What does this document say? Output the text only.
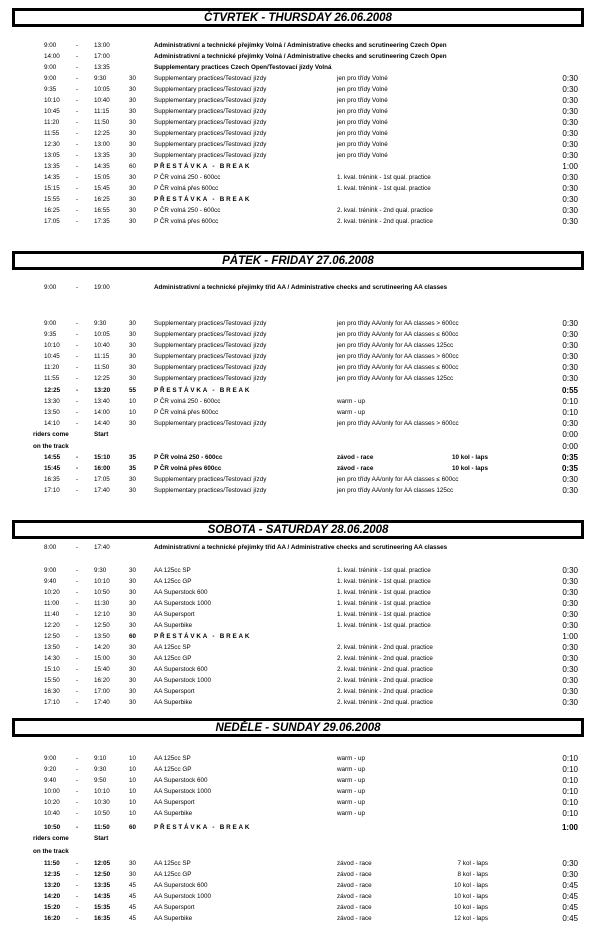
ČTVRTEK - THURSDAY 26.06.2008
9:00	-	13:00	Administrativní a technické přejímky Volná / Administrative checks and scrutineering Czech Open
14:00	-	17:00	Administrativní a technické přejímky Volná / Administrative checks and scrutineering Czech Open
9:00	-	13:35	Supplementary practices Czech Open/Testovací jízdy Volná
9:00	-	9:30	30	Supplementary practices/Testovací jízdy	jen pro třídy Volné	0:30
9:35	-	10:05	30	Supplementary practices/Testovací jízdy	jen pro třídy Volné	0:30
10:10	-	10:40	30	Supplementary practices/Testovací jízdy	jen pro třídy Volné	0:30
10:45	-	11:15	30	Supplementary practices/Testovací jízdy	jen pro třídy Volné	0:30
11:20	-	11:50	30	Supplementary practices/Testovací jízdy	jen pro třídy Volné	0:30
11:55	-	12:25	30	Supplementary practices/Testovací jízdy	jen pro třídy Volné	0:30
12:30	-	13:00	30	Supplementary practices/Testovací jízdy	jen pro třídy Volné	0:30
13:05	-	13:35	30	Supplementary practices/Testovací jízdy	jen pro třídy Volné	0:30
13:35	-	14:35	60	PŘESTÁVKA - BREAK	1:00
14:35	-	15:05	30	P ČR volná 250 - 600cc	1. kval. trénink - 1st qual. practice	0:30
15:15	-	15:45	30	P ČR volná přes 600cc	1. kval. trénink - 1st qual. practice	0:30
15:55	-	16:25	30	PŘESTÁVKA - BREAK	0:30
16:25	-	16:55	30	P ČR volná 250 - 600cc	2. kval. trénink - 2nd qual. practice	0:30
17:05	-	17:35	30	P ČR volná přes 600cc	2. kval. trénink - 2nd qual. practice	0:30
PÁTEK - FRIDAY 27.06.2008
9:00	-	19:00	Administrativní a technické přejímky tříd AA / Administrative checks and scrutineering AA classes
9:00	-	9:30	30	Supplementary practices/Testovací jízdy	jen pro třídy AA/only for AA classes > 600cc	0:30
9:35	-	10:05	30	Supplementary practices/Testovací jízdy	jen pro třídy AA/only for AA classes ≤ 600cc	0:30
10:10	-	10:40	30	Supplementary practices/Testovací jízdy	jen pro třídy AA/only for AA classes 125cc	0:30
10:45	-	11:15	30	Supplementary practices/Testovací jízdy	jen pro třídy AA/only for AA classes > 600cc	0:30
11:20	-	11:50	30	Supplementary practices/Testovací jízdy	jen pro třídy AA/only for AA classes ≤ 600cc	0:30
11:55	-	12:25	30	Supplementary practices/Testovací jízdy	jen pro třídy AA/only for AA classes 125cc	0:30
12:25	-	13:20	55	PŘESTÁVKA - BREAK	0:55
13:30	-	13:40	10	P ČR volná 250 - 600cc	warm - up	0:10
13:50	-	14:00	10	P ČR volná přes 600cc	warm - up	0:10
14:10	-	14:40	30	Supplementary practices/Testovací jízdy	jen pro třídy AA/only for AA classes > 600cc	0:30
riders come	Start	0:00
on the track	0:00
14:55	-	15:10	35	P ČR volná 250 - 600cc	závod - race	10 kol - laps	0:35
15:45	-	16:00	35	P ČR volná přes 600cc	závod - race	10 kol - laps	0:35
16:35	-	17:05	30	Supplementary practices/Testovací jízdy	jen pro třídy AA/only for AA classes ≤ 600cc	0:30
17:10	-	17:40	30	Supplementary practices/Testovací jízdy	jen pro třídy AA/only for AA classes 125cc	0:30
SOBOTA - SATURDAY 28.06.2008
8:00	-	17:40	Administrativní a technické přejímky tříd AA / Administrative checks and scrutineering AA classes
9:00	-	9:30	30	AA 125cc SP	1. kval. trénink - 1st qual. practice	0:30
9:40	-	10:10	30	AA 125cc GP	1. kval. trénink - 1st qual. practice	0:30
10:20	-	10:50	30	AA Superstock 600	1. kval. trénink - 1st qual. practice	0:30
11:00	-	11:30	30	AA Superstock 1000	1. kval. trénink - 1st qual. practice	0:30
11:40	-	12:10	30	AA Supersport	1. kval. trénink - 1st qual. practice	0:30
12:20	-	12:50	30	AA Superbike	1. kval. trénink - 1st qual. practice	0:30
12:50	-	13:50	60	PŘESTÁVKA - BREAK	1:00
13:50	-	14:20	30	AA 125cc SP	2. kval. trénink - 2nd qual. practice	0:30
14:30	-	15:00	30	AA 125cc GP	2. kval. trénink - 2nd qual. practice	0:30
15:10	-	15:40	30	AA Superstock 600	2. kval. trénink - 2nd qual. practice	0:30
15:50	-	16:20	30	AA Superstock 1000	2. kval. trénink - 2nd qual. practice	0:30
16:30	-	17:00	30	AA Supersport	2. kval. trénink - 2nd qual. practice	0:30
17:10	-	17:40	30	AA Superbike	2. kval. trénink - 2nd qual. practice	0:30
NEDĚLE - SUNDAY 29.06.2008
9:00	-	9:10	10	AA 125cc SP	warm - up	0:10
9:20	-	9:30	10	AA 125cc GP	warm - up	0:10
9:40	-	9:50	10	AA Superstock 600	warm - up	0:10
10:00	-	10:10	10	AA Superstock 1000	warm - up	0:10
10:20	-	10:30	10	AA Supersport	warm - up	0:10
10:40	-	10:50	10	AA Superbike	warm - up	0:10
10:50	-	11:50	60	PŘESTÁVKA - BREAK	1:00
riders come	Start
on the track
11:50	-	12:05	30	AA 125cc SP	závod - race	7 kol - laps	0:30
12:35	-	12:50	30	AA 125cc GP	závod - race	8 kol - laps	0:30
13:20	-	13:35	45	AA Superstock 600	závod - race	10 kol - laps	0:45
14:20	-	14:35	45	AA Superstock 1000	závod - race	10 kol - laps	0:45
15:20	-	15:35	45	AA Supersport	závod - race	10 kol - laps	0:45
16:20	-	16:35	45	AA Superbike	závod - race	12 kol - laps	0:45
